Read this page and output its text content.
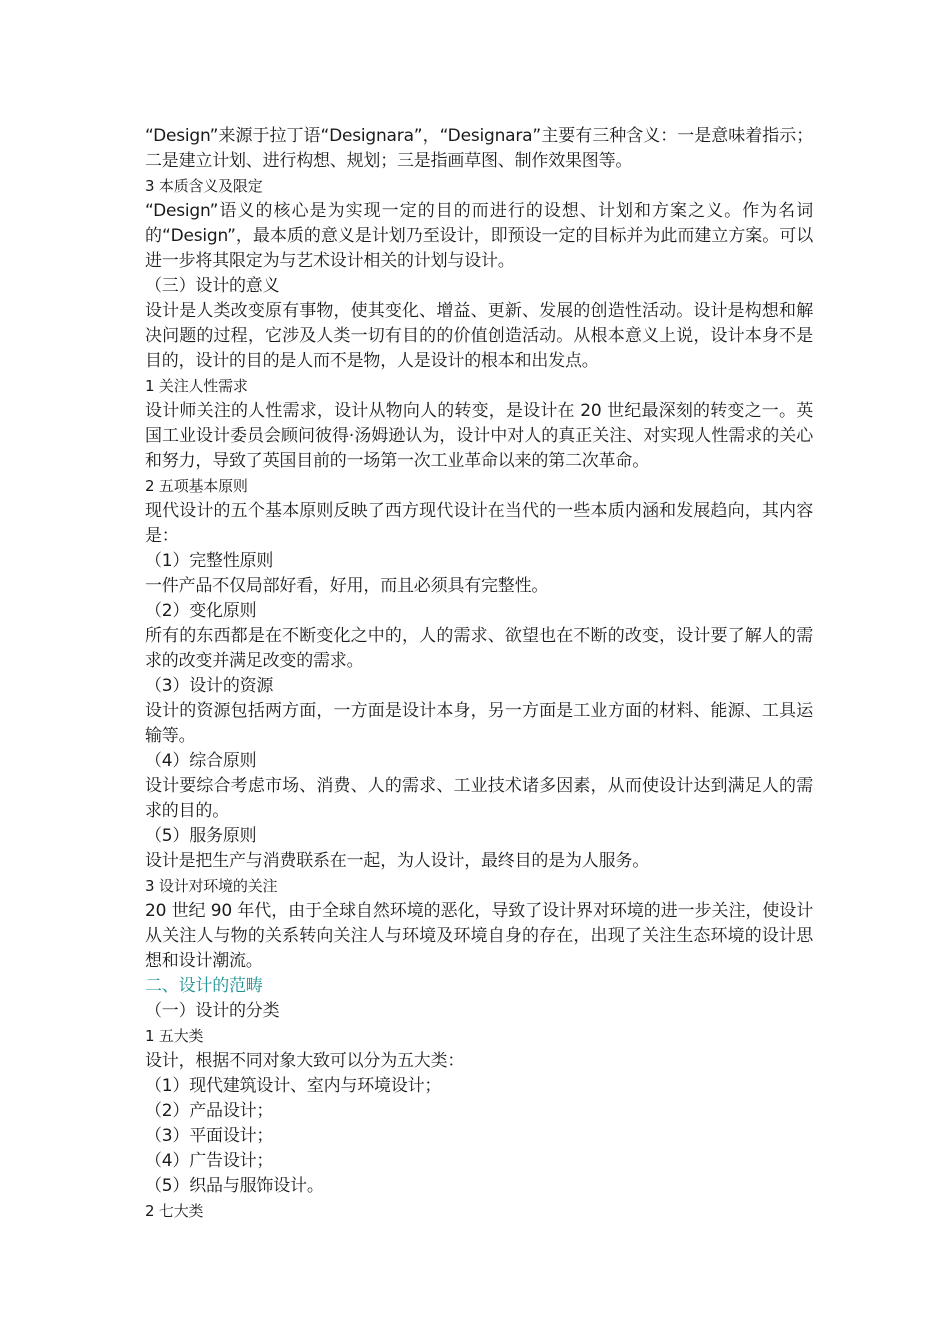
“Design”来源于拉丁语“Designara”，“Designara”主要有三种含义：一是意味着指示；二是建立计划、进行构想、规划；三是指画草图、制作效果图等。

3 本质含义及限定

“Design”语义的核心是为实现一定的目的而进行的设想、计划和方案之义。作为名词的“Design”，最本质的意义是计划乃至设计，即预设一定的目标并为此而建立方案。可以进一步将其限定为与艺术设计相关的计划与设计。

（三）设计的意义

设计是人类改变原有事物，使其变化、增益、更新、发展的创造性活动。设计是构想和解决问题的过程，它涉及人类一切有目的的价值创造活动。从根本意义上说，设计本身不是目的，设计的目的是人而不是物，人是设计的根本和出发点。

1 关注人性需求

设计师关注的人性需求，设计从物向人的转变，是设计在 20 世纪最深刻的转变之一。英国工业设计委员会顾问彼得·汤姆逊认为，设计中对人的真正关注、对实现人性需求的关心和努力，导致了英国目前的一场第一次工业革命以来的第二次革命。

2 五项基本原则

现代设计的五个基本原则反映了西方现代设计在当代的一些本质内涵和发展趋向，其内容是：

（1）完整性原则

一件产品不仅局部好看，好用，而且必须具有完整性。

（2）变化原则

所有的东西都是在不断变化之中的，人的需求、欲望也在不断的改变，设计要了解人的需求的改变并满足改变的需求。

（3）设计的资源

设计的资源包括两方面，一方面是设计本身，另一方面是工业方面的材料、能源、工具运输等。

（4）综合原则

设计要综合考虑市场、消费、人的需求、工业技术诸多因素，从而使设计达到满足人的需求的目的。

（5）服务原则

设计是把生产与消费联系在一起，为人设计，最终目的是为人服务。

3 设计对环境的关注

20 世纪 90 年代，由于全球自然环境的恶化，导致了设计界对环境的进一步关注，使设计从关注人与物的关系转向关注人与环境及环境自身的存在，出现了关注生态环境的设计思想和设计潮流。

二、设计的范畴

（一）设计的分类

1 五大类

设计，根据不同对象大致可以分为五大类：

（1）现代建筑设计、室内与环境设计；

（2）产品设计；

（3）平面设计；

（4）广告设计；

（5）织品与服饰设计。

2 七大类
